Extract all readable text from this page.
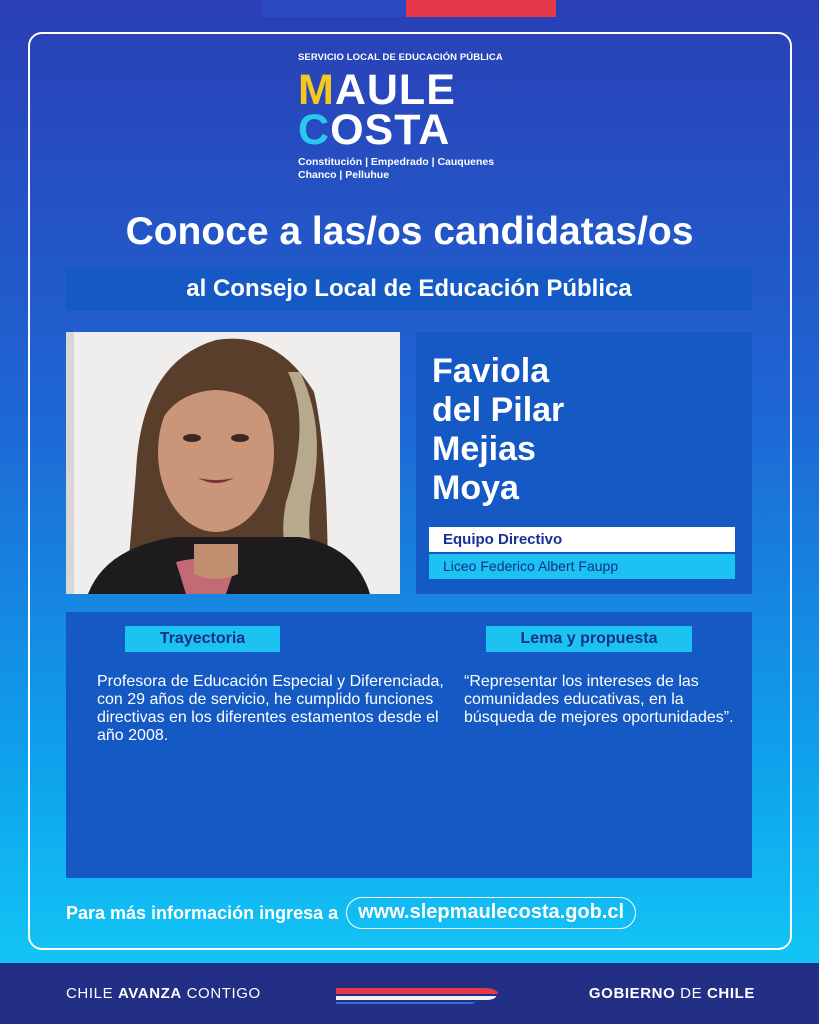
SERVICIO LOCAL DE EDUCACIÓN PÚBLICA
MAULE
COSTA
Constitución | Empedrado | Cauquenes
Chanco | Pelluhue
Conoce a las/os candidatas/os
al Consejo Local de Educación Pública
Faviola
del Pilar
Mejias
Moya
Equipo Directivo
Liceo Federico Albert Faupp
Trayectoria	Lema y propuesta
Profesora de Educación Especial y Diferenciada, con 29 años de servicio, he cumplido funciones directivas en los diferentes estamentos desde el año 2008.
“Representar los intereses de las comunidades educativas, en la búsqueda de mejores oportunidades”.
Para más información ingresa a	www.slepmaulecosta.gob.cl
CHILE AVANZA CONTIGO	GOBIERNO DE CHILE
